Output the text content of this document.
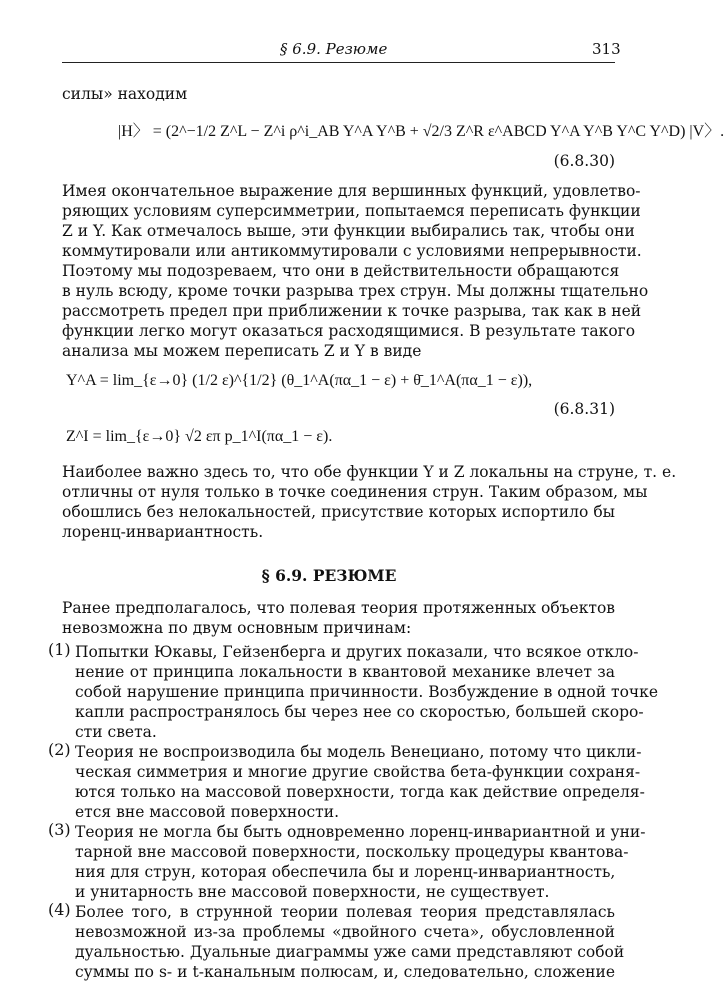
§ 6.9. Резюме	313
силы» находим
|H〉 = (2^−1/2 Z^L − Z^i ρ^i_AB Y^A Y^B + √2/3 Z^R ε^ABCD Y^A Y^B Y^C Y^D) |V〉.
(6.8.30)
Имея окончательное выражение для вершинных функций, удовлетво-
ряющих условиям суперсимметрии, попытаемся переписать функции
Z и Y. Как отмечалось выше, эти функции выбирались так, чтобы они
коммутировали или антикоммутировали с условиями непрерывности.
Поэтому мы подозреваем, что они в действительности обращаются
в нуль всюду, кроме точки разрыва трех струн. Мы должны тщательно
рассмотреть предел при приближении к точке разрыва, так как в ней
функции легко могут оказаться расходящимися. В результате такого
анализа мы можем переписать Z и Y в виде
Y^A = lim_{ε→0} (1/2 ε)^{1/2} (θ_1^A(πα_1 − ε) + θ̄_1^A(πα_1 − ε)),
(6.8.31)
Z^I = lim_{ε→0} √2 επ p_1^I(πα_1 − ε).
Наиболее важно здесь то, что обе функции Y и Z локальны на струне, т. е.
отличны от нуля только в точке соединения струн. Таким образом, мы
обошлись без нелокальностей, присутствие которых испортило бы
лоренц-инвариантность.
§ 6.9. РЕЗЮМЕ
Ранее предполагалось, что полевая теория протяженных объектов
невозможна по двум основным причинам:
(1) Попытки Юкавы, Гейзенберга и других показали, что всякое откло-
нение от принципа локальности в квантовой механике влечет за
собой нарушение принципа причинности. Возбуждение в одной точке
капли распространялось бы через нее со скоростью, большей скоро-
сти света.
(2) Теория не воспроизводила бы модель Венециано, потому что цикли-
ческая симметрия и многие другие свойства бета-функции сохраня-
ются только на массовой поверхности, тогда как действие определя-
ется вне массовой поверхности.
(3) Теория не могла бы быть одновременно лоренц-инвариантной и уни-
тарной вне массовой поверхности, поскольку процедуры квантова-
ния для струн, которая обеспечила бы и лоренц-инвариантность,
и унитарность вне массовой поверхности, не существует.
(4) Более того, в струнной теории полевая теория представлялась
невозможной из-за проблемы «двойного счета», обусловленной
дуальностью. Дуальные диаграммы уже сами представляют собой
суммы по s- и t-канальным полюсам, и, следовательно, сложение
